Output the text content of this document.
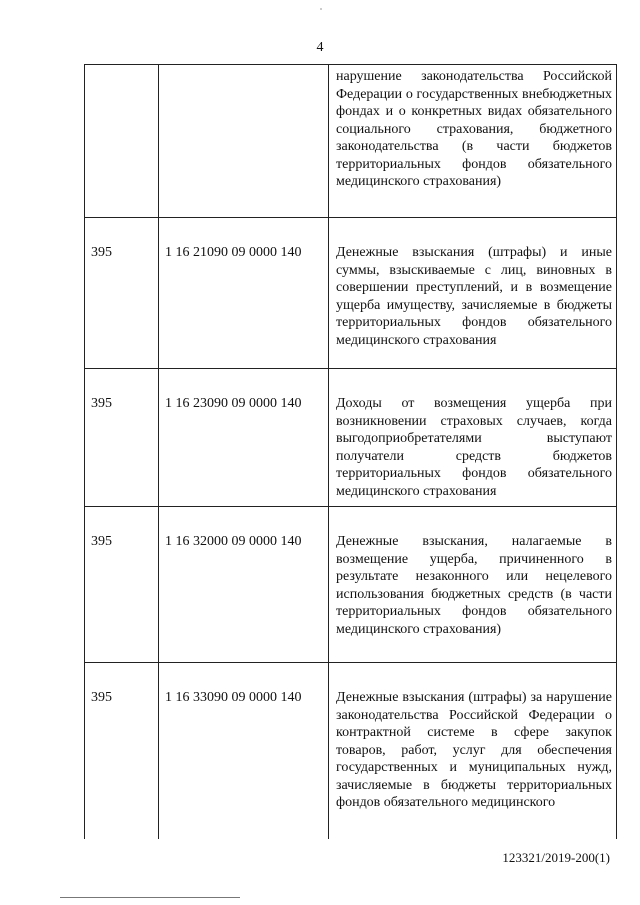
4

		нарушение законодательства Российской Федерации о государственных внебюджетных фондах и о конкретных видах обязательного социального страхования, бюджетного законодательства (в части бюджетов территориальных фондов обязательного медицинского страхования)

395	1 16 21090 09 0000 140	Денежные взыскания (штрафы) и иные суммы, взыскиваемые с лиц, виновных в совершении преступлений, и в возмещение ущерба имуществу, зачисляемые в бюджеты территориальных фондов обязательного медицинского страхования

395	1 16 23090 09 0000 140	Доходы от возмещения ущерба при возникновении страховых случаев, когда выгодоприобретателями выступают получатели средств бюджетов территориальных фондов обязательного медицинского страхования

395	1 16 32000 09 0000 140	Денежные взыскания, налагаемые в возмещение ущерба, причиненного в результате незаконного или нецелевого использования бюджетных средств (в части территориальных фондов обязательного медицинского страхования)

395	1 16 33090 09 0000 140	Денежные взыскания (штрафы) за нарушение законодательства Российской Федерации о контрактной системе в сфере закупок товаров, работ, услуг для обеспечения государственных и муниципальных нужд, зачисляемые в бюджеты территориальных фондов обязательного медицинского
123321/2019-200(1)
